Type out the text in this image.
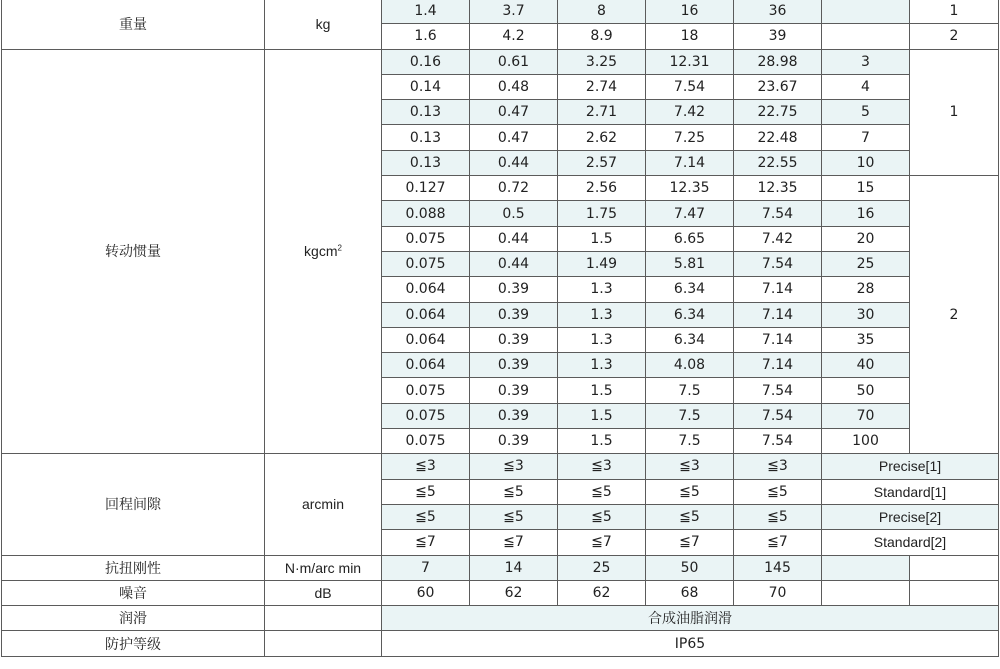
重量	kg	1.4	3.7	8	16	36		1
		1.6	4.2	8.9	18	39		2
转动惯量	kgcm$^2$	0.16	0.61	3.25	12.31	28.98	3	1
		0.14	0.48	2.74	7.54	23.67	4	
		0.13	0.47	2.71	7.42	22.75	5	
		0.13	0.47	2.62	7.25	22.48	7	
		0.13	0.44	2.57	7.14	22.55	10	
		0.127	0.72	2.56	12.35	12.35	15	2
		0.088	0.5	1.75	7.47	7.54	16	
		0.075	0.44	1.5	6.65	7.42	20	
		0.075	0.44	1.49	5.81	7.54	25	
		0.064	0.39	1.3	6.34	7.14	28	
		0.064	0.39	1.3	6.34	7.14	30	
		0.064	0.39	1.3	6.34	7.14	35	
		0.064	0.39	1.3	4.08	7.14	40	
		0.075	0.39	1.5	7.5	7.54	50	
		0.075	0.39	1.5	7.5	7.54	70	
		0.075	0.39	1.5	7.5	7.54	100	
回程间隙	arcmin	≦3	≦3	≦3	≦3	≦3	Precise[1]	
		≦5	≦5	≦5	≦5	≦5	Standard[1]	
		≦5	≦5	≦5	≦5	≦5	Precise[2]	
		≦7	≦7	≦7	≦7	≦7	Standard[2]	
抗扭刚性	N·m/arc min	7	14	25	50	145		
噪音	dB	60	62	62	68	70		
润滑		合成油脂润滑						
防护等级		IP65						
